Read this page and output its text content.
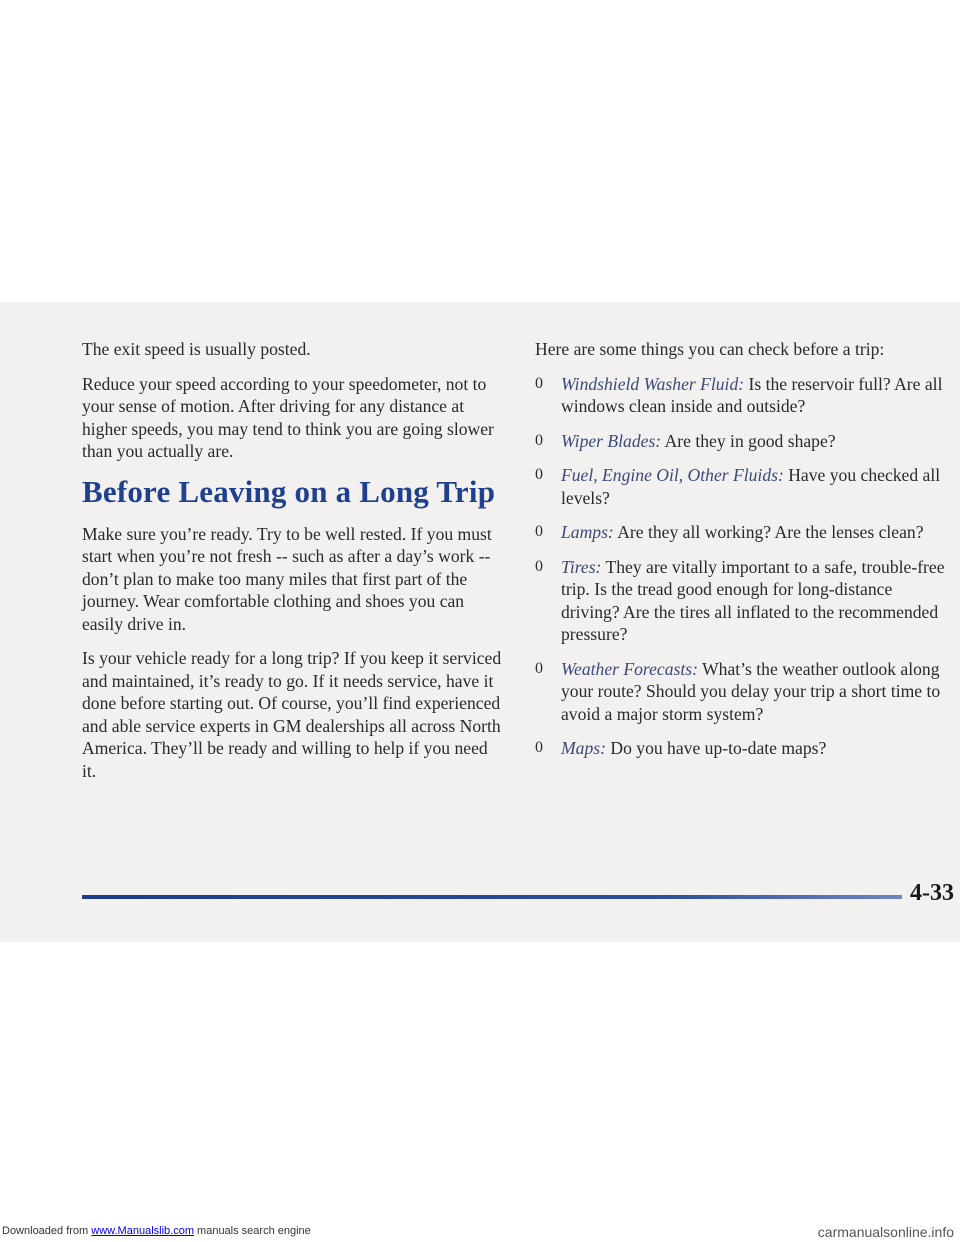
The exit speed is usually posted.

Reduce your speed according to your speedometer, not to your sense of motion. After driving for any distance at higher speeds, you may tend to think you are going slower than you actually are.

Before Leaving on a Long Trip

Make sure you’re ready. Try to be well rested. If you must start when you’re not fresh -- such as after a day’s work -- don’t plan to make too many miles that first part of the journey. Wear comfortable clothing and shoes you can easily drive in.

Is your vehicle ready for a long trip? If you keep it serviced and maintained, it’s ready to go. If it needs service, have it done before starting out. Of course, you’ll find experienced and able service experts in GM dealerships all across North America. They’ll be ready and willing to help if you need it.

Here are some things you can check before a trip:

0 Windshield Washer Fluid: Is the reservoir full? Are all windows clean inside and outside?
0 Wiper Blades: Are they in good shape?
0 Fuel, Engine Oil, Other Fluids: Have you checked all levels?
0 Lamps: Are they all working? Are the lenses clean?
0 Tires: They are vitally important to a safe, trouble-free trip. Is the tread good enough for long-distance driving? Are the tires all inflated to the recommended pressure?
0 Weather Forecasts: What’s the weather outlook along your route? Should you delay your trip a short time to avoid a major storm system?
0 Maps: Do you have up-to-date maps?
4-33
Downloaded from www.Manualslib.com manuals search engine	carmanualsonline.info
